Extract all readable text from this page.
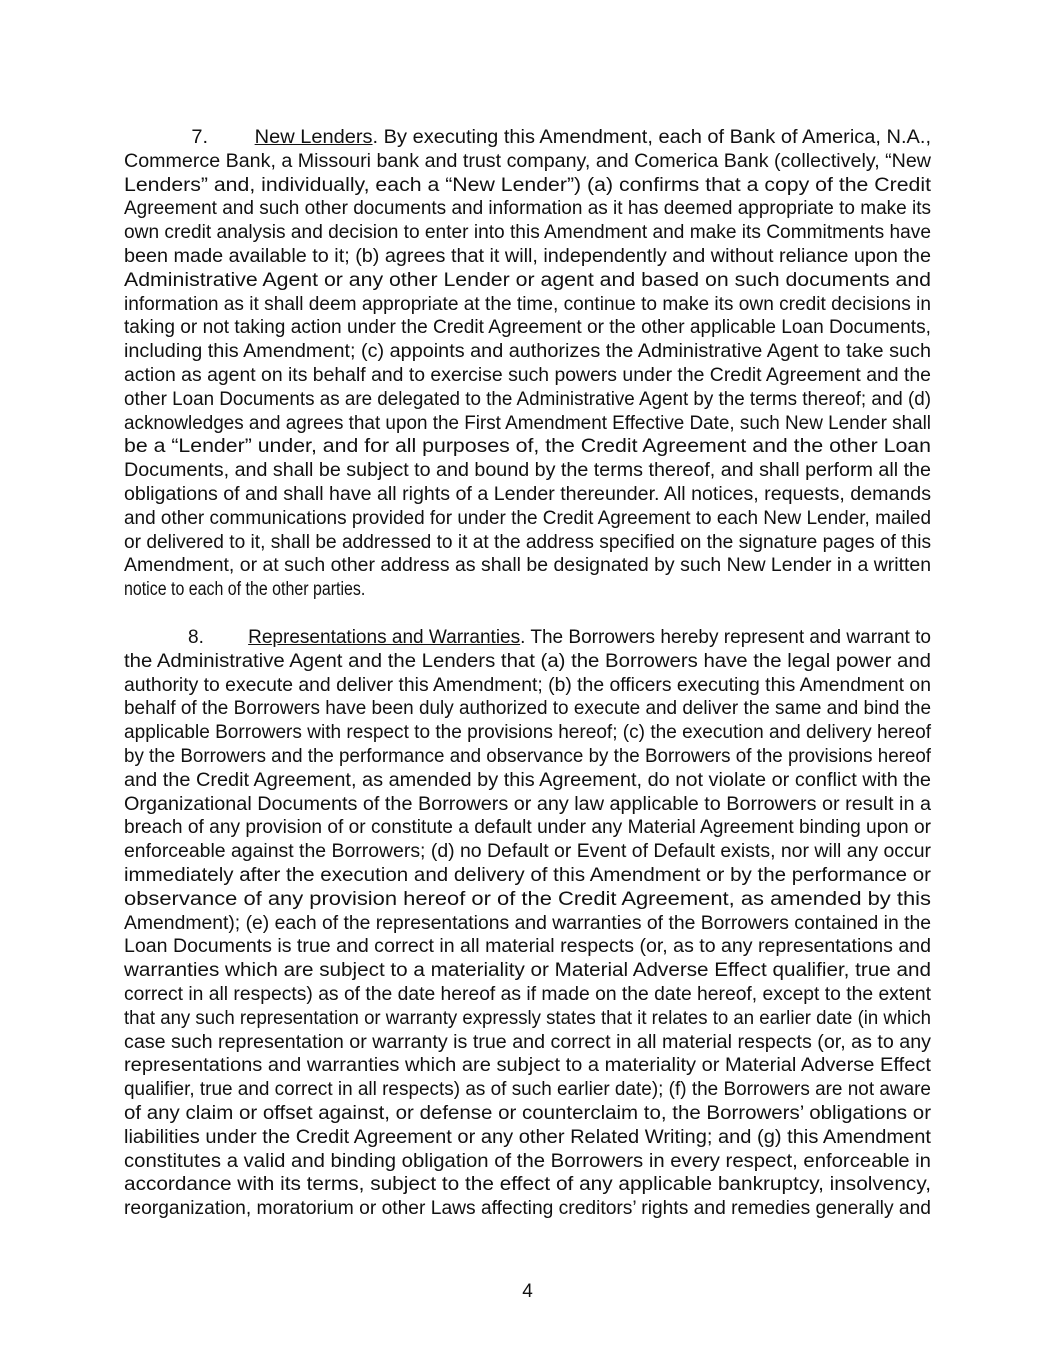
7. New Lenders. By executing this Amendment, each of Bank of America, N.A.,
Commerce Bank, a Missouri bank and trust company, and Comerica Bank (collectively, “New
Lenders” and, individually, each a “New Lender”) (a) confirms that a copy of the Credit
Agreement and such other documents and information as it has deemed appropriate to make its
own credit analysis and decision to enter into this Amendment and make its Commitments have
been made available to it; (b) agrees that it will, independently and without reliance upon the
Administrative Agent or any other Lender or agent and based on such documents and
information as it shall deem appropriate at the time, continue to make its own credit decisions in
taking or not taking action under the Credit Agreement or the other applicable Loan Documents,
including this Amendment; (c) appoints and authorizes the Administrative Agent to take such
action as agent on its behalf and to exercise such powers under the Credit Agreement and the
other Loan Documents as are delegated to the Administrative Agent by the terms thereof; and (d)
acknowledges and agrees that upon the First Amendment Effective Date, such New Lender shall
be a “Lender” under, and for all purposes of, the Credit Agreement and the other Loan
Documents, and shall be subject to and bound by the terms thereof, and shall perform all the
obligations of and shall have all rights of a Lender thereunder. All notices, requests, demands
and other communications provided for under the Credit Agreement to each New Lender, mailed
or delivered to it, shall be addressed to it at the address specified on the signature pages of this
Amendment, or at such other address as shall be designated by such New Lender in a written
notice to each of the other parties.
8. Representations and Warranties. The Borrowers hereby represent and warrant to
the Administrative Agent and the Lenders that (a) the Borrowers have the legal power and
authority to execute and deliver this Amendment; (b) the officers executing this Amendment on
behalf of the Borrowers have been duly authorized to execute and deliver the same and bind the
applicable Borrowers with respect to the provisions hereof; (c) the execution and delivery hereof
by the Borrowers and the performance and observance by the Borrowers of the provisions hereof
and the Credit Agreement, as amended by this Agreement, do not violate or conflict with the
Organizational Documents of the Borrowers or any law applicable to Borrowers or result in a
breach of any provision of or constitute a default under any Material Agreement binding upon or
enforceable against the Borrowers; (d) no Default or Event of Default exists, nor will any occur
immediately after the execution and delivery of this Amendment or by the performance or
observance of any provision hereof or of the Credit Agreement, as amended by this
Amendment); (e) each of the representations and warranties of the Borrowers contained in the
Loan Documents is true and correct in all material respects (or, as to any representations and
warranties which are subject to a materiality or Material Adverse Effect qualifier, true and
correct in all respects) as of the date hereof as if made on the date hereof, except to the extent
that any such representation or warranty expressly states that it relates to an earlier date (in which
case such representation or warranty is true and correct in all material respects (or, as to any
representations and warranties which are subject to a materiality or Material Adverse Effect
qualifier, true and correct in all respects) as of such earlier date); (f) the Borrowers are not aware
of any claim or offset against, or defense or counterclaim to, the Borrowers’ obligations or
liabilities under the Credit Agreement or any other Related Writing; and (g) this Amendment
constitutes a valid and binding obligation of the Borrowers in every respect, enforceable in
accordance with its terms, subject to the effect of any applicable bankruptcy, insolvency,
reorganization, moratorium or other Laws affecting creditors’ rights and remedies generally and
4
